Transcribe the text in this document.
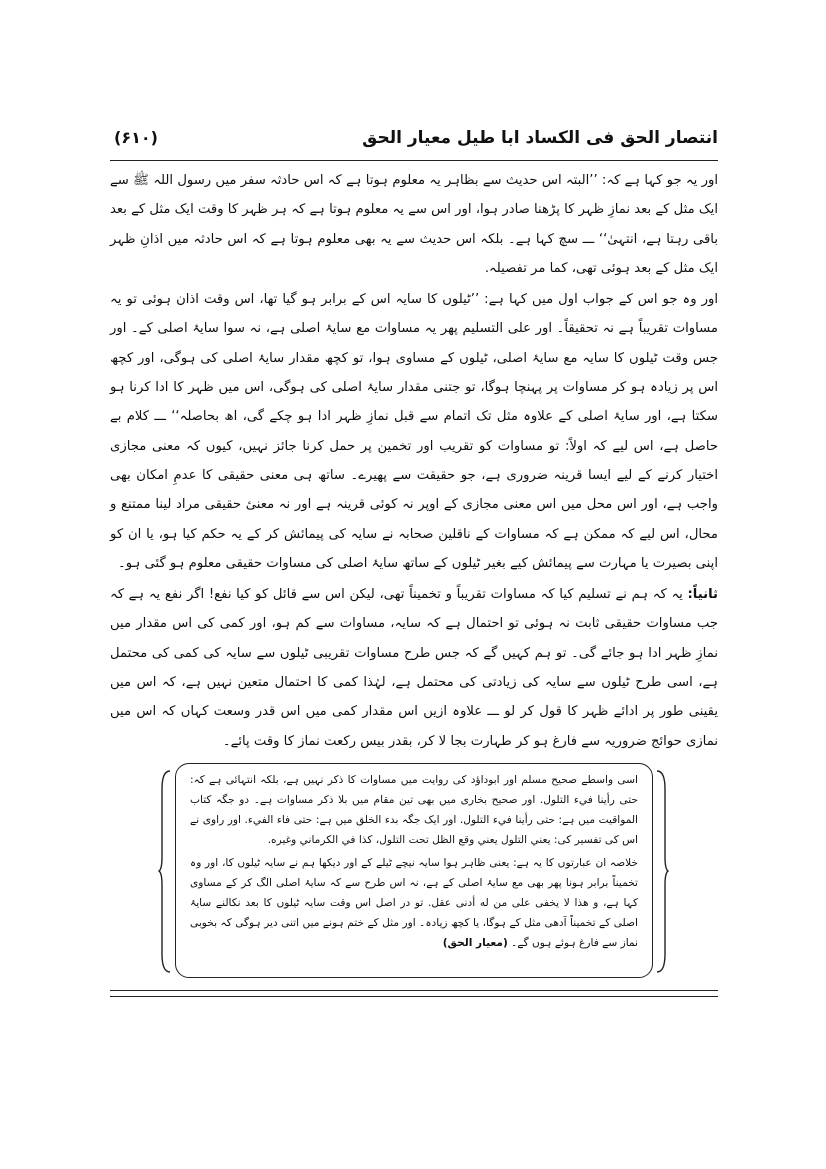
انتصار الحق فی الکساد ابا طیل معیار الحق
(۶۱۰)

اور یہ جو کہا ہے کہ: ’’البتہ اس حدیث سے بظاہر یہ معلوم ہوتا ہے کہ اس حادثہ سفر میں رسول اللہ ﷺ سے ایک مثل کے بعد نمازِ ظہر کا پڑھنا صادر ہوا، اور اس سے یہ معلوم ہوتا ہے کہ ہر ظہر کا وقت ایک مثل کے بعد باقی رہتا ہے، انتہیٰ‘‘ ـــ سچ کہا ہے۔ بلکہ اس حدیث سے یہ بھی معلوم ہوتا ہے کہ اس حادثہ میں اذانِ ظہر ایک مثل کے بعد ہوئی تھی، کما مر تفصیلہ.

اور وہ جو اس کے جواب اول میں کہا ہے: ’’ٹیلوں کا سایہ اس کے برابر ہو گیا تھا، اس وقت اذان ہوئی تو یہ مساوات تقریباً ہے نہ تحقیقاً۔ اور علی التسلیم پھر یہ مساوات مع سایۂ اصلی ہے، نہ سوا سایۂ اصلی کے۔ اور جس وقت ٹیلوں کا سایہ مع سایۂ اصلی، ٹیلوں کے مساوی ہوا، تو کچھ مقدار سایۂ اصلی کی ہوگی، اور کچھ اس پر زیادہ ہو کر مساوات پر پہنچا ہوگا، تو جتنی مقدار سایۂ اصلی کی ہوگی، اس میں ظہر کا ادا کرنا ہو سکتا ہے، اور سایۂ اصلی کے علاوہ مثل تک اتمام سے قبل نمازِ ظہر ادا ہو چکے گی، اھ بحاصلہ‘‘ ـــ کلام بے حاصل ہے، اس لیے کہ اولاً: تو مساوات کو تقریب اور تخمین پر حمل کرنا جائز نہیں، کیوں کہ معنی مجازی اختیار کرنے کے لیے ایسا قرینہ ضروری ہے، جو حقیقت سے پھیرے۔ ساتھ ہی معنی حقیقی کا عدمِ امکان بھی واجب ہے، اور اس محل میں اس معنی مجازی کے اوپر نہ کوئی قرینہ ہے اور نہ معنیٔ حقیقی مراد لینا ممتنع و محال، اس لیے کہ ممکن ہے کہ مساوات کے ناقلین صحابہ نے سایہ کی پیمائش کر کے یہ حکم کیا ہو، یا ان کو اپنی بصیرت یا مہارت سے پیمائش کیے بغیر ٹیلوں کے ساتھ سایۂ اصلی کی مساوات حقیقی معلوم ہو گئی ہو۔

ثانیاً: یہ کہ ہم نے تسلیم کیا کہ مساوات تقریباً و تخمیناً تھی، لیکن اس سے قائل کو کیا نفع! اگر نفع یہ ہے کہ جب مساوات حقیقی ثابت نہ ہوئی تو احتمال ہے کہ سایہ، مساوات سے کم ہو، اور کمی کی اس مقدار میں نمازِ ظہر ادا ہو جائے گی۔ تو ہم کہیں گے کہ جس طرح مساوات تقریبی ٹیلوں سے سایہ کی کمی کی محتمل ہے، اسی طرح ٹیلوں سے سایہ کی زیادتی کی محتمل ہے، لہٰذا کمی کا احتمال متعین نہیں ہے، کہ اس میں یقینی طور پر ادائے ظہر کا قول کر لو ـــ علاوہ ازیں اس مقدار کمی میں اس قدر وسعت کہاں کہ اس میں نمازی حوائج ضروریہ سے فارغ ہو کر طہارت بجا لا کر، بقدر بیس رکعت نماز کا وقت پائے۔

اسی واسطے صحیح مسلم اور ابوداؤد کی روایت میں مساوات کا ذکر نہیں ہے، بلکہ انتہائی ہے کہ: حتى رأينا فيء التلول. اور صحیح بخاری میں بھی تین مقام میں بلا ذکر مساوات ہے۔ دو جگہ کتاب المواقیت میں ہے: حتى رأينا فيء التلول. اور ایک جگہ بدء الخلق میں ہے: حتى فاء الفيء. اور راوی نے اس کی تفسیر کی: يعني التلول يعني وقع الظل تحت التلول، كذا في الكرماني وغيره.

خلاصہ ان عبارتوں کا یہ ہے: یعنی ظاہر ہوا سایہ نیچے ٹیلے کے اور دیکھا ہم نے سایہ ٹیلوں کا، اور وہ تخمیناً برابر ہونا پھر بھی مع سایۂ اصلی کے ہے، نہ اس طرح سے کہ سایۂ اصلی الگ کر کے مساوی کہا ہے، و هذا لا يخفى على من له أدنى عقل. تو در اصل اس وقت سایہ ٹیلوں کا بعد نکالنے سایۂ اصلی کے تخمیناً آدھی مثل کے ہوگا، یا کچھ زیادہ۔ اور مثل کے ختم ہونے میں اتنی دیر ہوگی کہ بخوبی نماز سے فارغ ہوئے ہوں گے۔ (معیار الحق)
